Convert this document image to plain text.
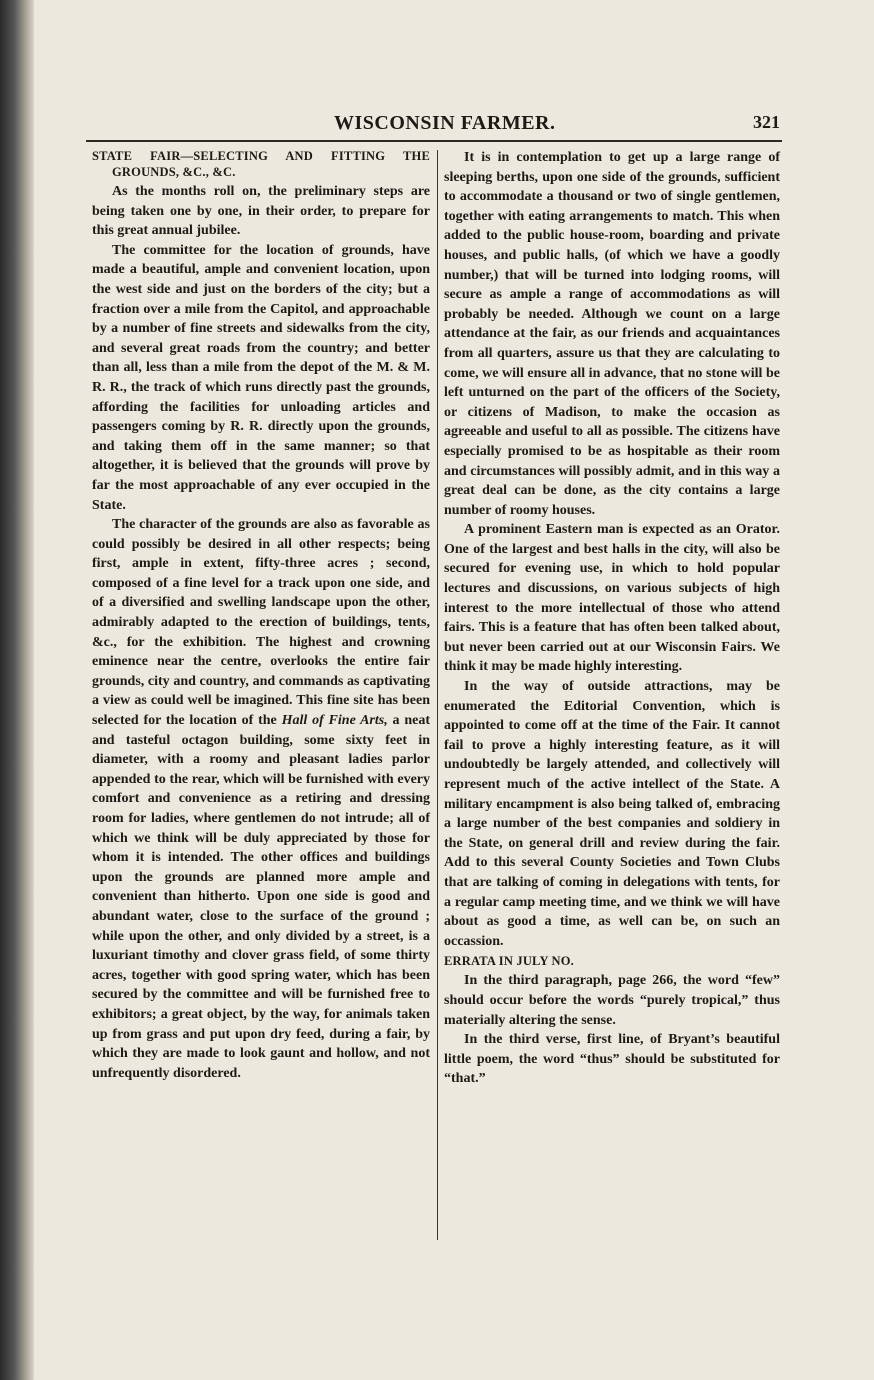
WISCONSIN FARMER.	321
STATE FAIR—SELECTING AND FITTING THE GROUNDS, &C., &C.

As the months roll on, the preliminary steps are being taken one by one, in their order, to prepare for this great annual jubilee.

The committee for the location of grounds, have made a beautiful, ample and convenient location, upon the west side and just on the borders of the city; but a fraction over a mile from the Capitol, and approachable by a number of fine streets and sidewalks from the city, and several great roads from the country; and better than all, less than a mile from the depot of the M. & M. R. R., the track of which runs directly past the grounds, affording the facilities for unloading articles and passengers coming by R. R. directly upon the grounds, and taking them off in the same manner; so that altogether, it is believed that the grounds will prove by far the most approachable of any ever occupied in the State.

The character of the grounds are also as favorable as could possibly be desired in all other respects; being first, ample in extent, fifty-three acres ; second, composed of a fine level for a track upon one side, and of a diversified and swelling landscape upon the other, admirably adapted to the erection of buildings, tents, &c., for the exhibition. The highest and crowning eminence near the centre, overlooks the entire fair grounds, city and country, and commands as captivating a view as could well be imagined. This fine site has been selected for the location of the Hall of Fine Arts, a neat and tasteful octagon building, some sixty feet in diameter, with a roomy and pleasant ladies parlor appended to the rear, which will be furnished with every comfort and convenience as a retiring and dressing room for ladies, where gentlemen do not intrude; all of which we think will be duly appreciated by those for whom it is intended. The other offices and buildings upon the grounds are planned more ample and convenient than hitherto. Upon one side is good and abundant water, close to the surface of the ground ; while upon the other, and only divided by a street, is a luxuriant timothy and clover grass field, of some thirty acres, together with good spring water, which has been secured by the committee and will be furnished free to exhibitors; a great object, by the way, for animals taken up from grass and put upon dry feed, during a fair, by which they are made to look gaunt and hollow, and not unfrequently disordered.

It is in contemplation to get up a large range of sleeping berths, upon one side of the grounds, sufficient to accommodate a thousand or two of single gentlemen, together with eating arrangements to match. This when added to the public house-room, boarding and private houses, and public halls, (of which we have a goodly number,) that will be turned into lodging rooms, will secure as ample a range of accommodations as will probably be needed. Although we count on a large attendance at the fair, as our friends and acquaintances from all quarters, assure us that they are calculating to come, we will ensure all in advance, that no stone will be left unturned on the part of the officers of the Society, or citizens of Madison, to make the occasion as agreeable and useful to all as possible. The citizens have especially promised to be as hospitable as their room and circumstances will possibly admit, and in this way a great deal can be done, as the city contains a large number of roomy houses.

A prominent Eastern man is expected as an Orator. One of the largest and best halls in the city, will also be secured for evening use, in which to hold popular lectures and discussions, on various subjects of high interest to the more intellectual of those who attend fairs. This is a feature that has often been talked about, but never been carried out at our Wisconsin Fairs. We think it may be made highly interesting.

In the way of outside attractions, may be enumerated the Editorial Convention, which is appointed to come off at the time of the Fair. It cannot fail to prove a highly interesting feature, as it will undoubtedly be largely attended, and collectively will represent much of the active intellect of the State. A military encampment is also being talked of, embracing a large number of the best companies and soldiery in the State, on general drill and review during the fair. Add to this several County Societies and Town Clubs that are talking of coming in delegations with tents, for a regular camp meeting time, and we think we will have about as good a time, as well can be, on such an occassion.

ERRATA IN JULY NO.

In the third paragraph, page 266, the word “few” should occur before the words “purely tropical,” thus materially altering the sense.

In the third verse, first line, of Bryant’s beautiful little poem, the word “thus” should be substituted for “that.”
